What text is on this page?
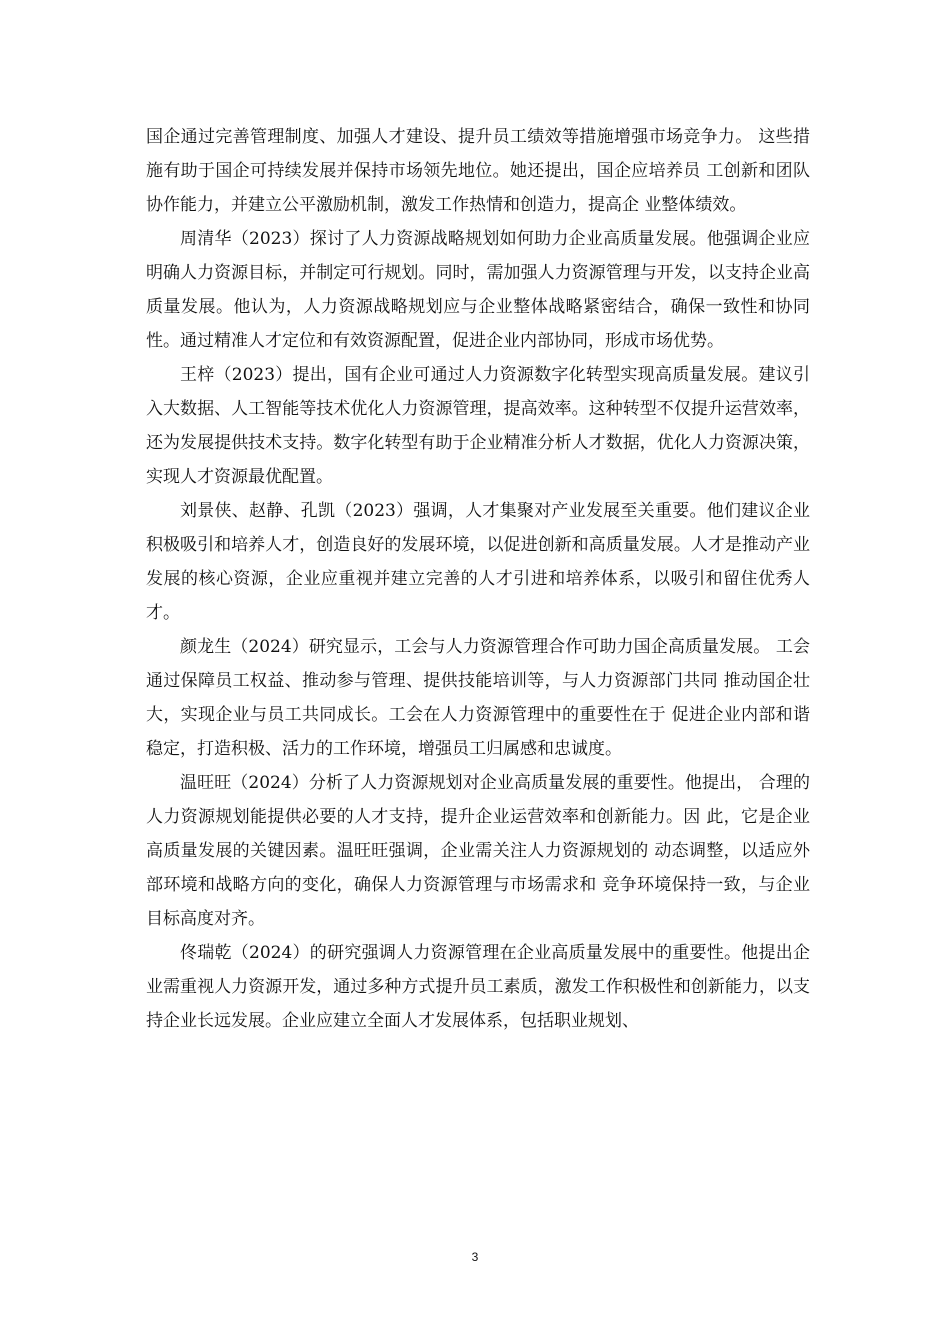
国企通过完善管理制度、加强人才建设、提升员工绩效等措施增强市场竞争力。 这些措施有助于国企可持续发展并保持市场领先地位。她还提出，国企应培养员 工创新和团队协作能力，并建立公平激励机制，激发工作热情和创造力，提高企 业整体绩效。

周清华（2023）探讨了人力资源战略规划如何助力企业高质量发展。他强调企业应明确人力资源目标，并制定可行规划。同时，需加强人力资源管理与开发，以支持企业高质量发展。他认为，人力资源战略规划应与企业整体战略紧密结合，确保一致性和协同性。通过精准人才定位和有效资源配置，促进企业内部协同，形成市场优势。

王梓（2023）提出，国有企业可通过人力资源数字化转型实现高质量发展。建议引入大数据、人工智能等技术优化人力资源管理，提高效率。这种转型不仅提升运营效率，还为发展提供技术支持。数字化转型有助于企业精准分析人才数据，优化人力资源决策，实现人才资源最优配置。

刘景侠、赵静、孔凯（2023）强调，人才集聚对产业发展至关重要。他们建议企业积极吸引和培养人才，创造良好的发展环境，以促进创新和高质量发展。人才是推动产业发展的核心资源，企业应重视并建立完善的人才引进和培养体系，以吸引和留住优秀人才。

颜龙生（2024）研究显示，工会与人力资源管理合作可助力国企高质量发展。 工会通过保障员工权益、推动参与管理、提供技能培训等，与人力资源部门共同 推动国企壮大，实现企业与员工共同成长。工会在人力资源管理中的重要性在于 促进企业内部和谐稳定，打造积极、活力的工作环境，增强员工归属感和忠诚度。

温旺旺（2024）分析了人力资源规划对企业高质量发展的重要性。他提出， 合理的人力资源规划能提供必要的人才支持，提升企业运营效率和创新能力。因 此，它是企业高质量发展的关键因素。温旺旺强调，企业需关注人力资源规划的 动态调整，以适应外部环境和战略方向的变化，确保人力资源管理与市场需求和 竞争环境保持一致，与企业目标高度对齐。

佟瑞乾（2024）的研究强调人力资源管理在企业高质量发展中的重要性。他提出企业需重视人力资源开发，通过多种方式提升员工素质，激发工作积极性和创新能力，以支持企业长远发展。企业应建立全面人才发展体系，包括职业规划、

3
